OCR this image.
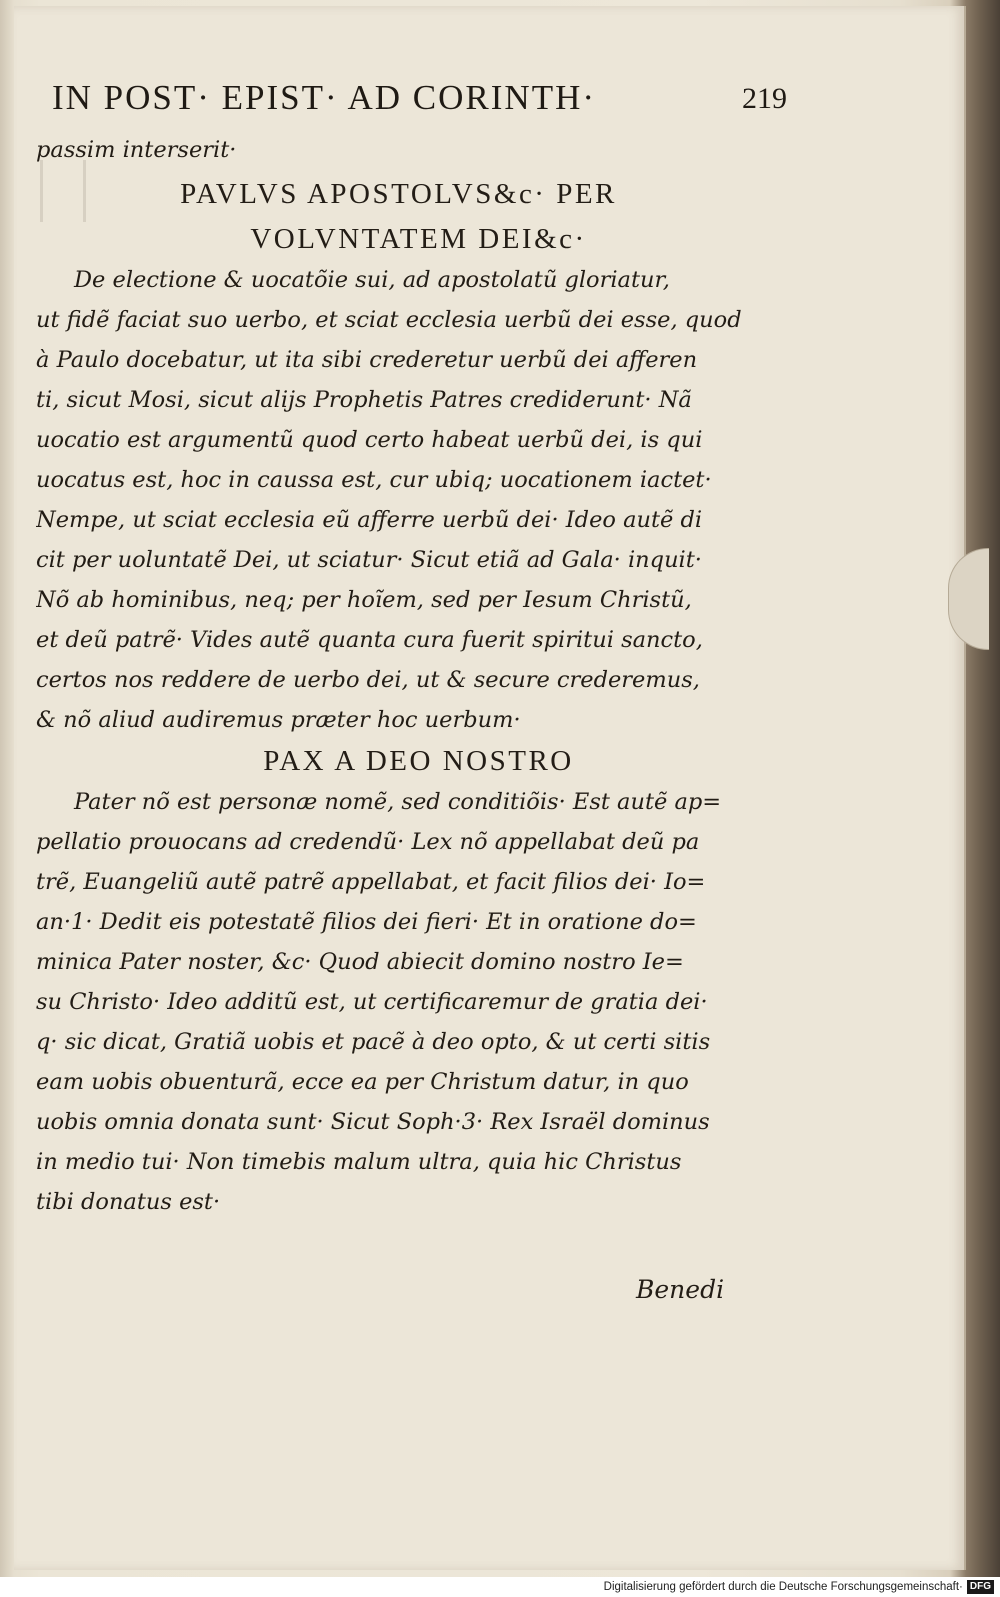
IN POST· EPIST· AD CORINTH·	219
passim interserit·
PAVLVS APOSTOLVS&c· PER
VOLVNTATEM DEI&c·
De electione & uocatõie sui, ad apostolatũ gloriatur,
ut fidẽ faciat suo uerbo, et sciat ecclesia uerbũ dei esse, quod
à Paulo docebatur, ut ita sibi crederetur uerbũ dei afferen
ti, sicut Mosi, sicut alijs Prophetis Patres crediderunt· Nã
uocatio est argumentũ quod certo habeat uerbũ dei, is qui
uocatus est, hoc in caussa est, cur ubiq; uocationem iactet·
Nempe, ut sciat ecclesia eũ afferre uerbũ dei· Ideo autẽ di
cit per uoluntatẽ Dei, ut sciatur· Sicut etiã ad Gala· inquit·
Nõ ab hominibus, neq; per hoĩem, sed per Iesum Christũ,
et deũ patrẽ· Vides autẽ quanta cura fuerit spiritui sancto,
certos nos reddere de uerbo dei, ut & secure crederemus,
& nõ aliud audiremus præter hoc uerbum·
PAX A DEO NOSTRO
Pater nõ est personæ nomẽ, sed conditiõis· Est autẽ ap=
pellatio prouocans ad credendũ· Lex nõ appellabat deũ pa
trẽ, Euangeliũ autẽ patrẽ appellabat, et facit filios dei· Io=
an·1· Dedit eis potestatẽ filios dei fieri· Et in oratione do=
minica Pater noster, &c· Quod abiecit domino nostro Ie=
su Christo· Ideo additũ est, ut certificaremur de gratia dei·
q· sic dicat, Gratiã uobis et pacẽ à deo opto, & ut certi sitis
eam uobis obuenturã, ecce ea per Christum datur, in quo
uobis omnia donata sunt· Sicut Soph·3· Rex Israël dominus
in medio tui· Non timebis malum ultra, quia hic Christus
tibi donatus est·
Benedi
Digitalisierung gefördert durch die Deutsche Forschungsgemeinschaft· DFG
